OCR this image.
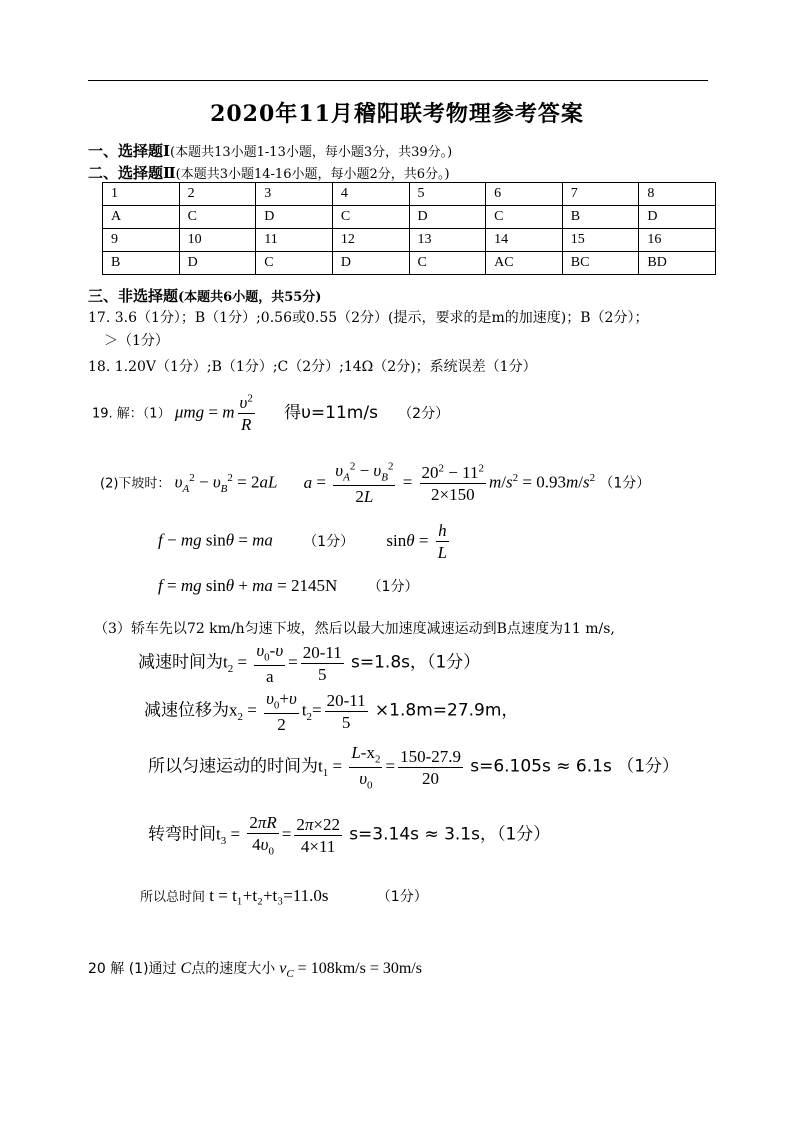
2020年11月稽阳联考物理参考答案
一、选择题Ⅰ(本题共13小题1-13小题，每小题3分，共39分。)
二、选择题Ⅱ(本题共3小题14-16小题，每小题2分，共6分。)
1	2	3	4	5	6	7	8
A	C	D	C	D	C	B	D
9	10	11	12	13	14	15	16
B	D	C	D	C	AC	BC	BD
三、非选择题(本题共6小题，共55分)
17. 3.6（1分）；B（1分）;0.56或0.55（2分）(提示，要求的是m的加速度)；B（2分）；
＞（1分）
18. 1.20V（1分）;B（1分）;C（2分）;14Ω（2分)；系统误差（1分）
19. 解：（1） μmg = m $\frac{\upsilon^2}{R}$ 得υ=11m/s （2分）
(2)下坡时： $\upsilon_A^2 - \upsilon_B^2 = 2aL$ $a = \frac{\upsilon_A^2 - \upsilon_B^2}{2L} = \frac{20^2 - 11^2}{2\times 150} m/s^2 = 0.93m/s^2$ （1分）
f − mg sinθ = ma （1分） $\sin\theta = \frac{h}{L}$
f = mg sinθ + ma = 2145N （1分）
（3）轿车先以72 km/h匀速下坡，然后以最大加速度减速运动到B点速度为11 m/s,
减速时间为$t_2 = \frac{\upsilon_0-\upsilon}{a} = \frac{20-11}{5} s=1.8s$，（1分）
减速位移为$x_2 = \frac{\upsilon_0+\upsilon}{2} t_2= \frac{20-11}{5} \times 1.8m=27.9m$，
所以匀速运动的时间为$t_1 = \frac{L-x_2}{\upsilon_0} = \frac{150-27.9}{20} s=6.105s \approx 6.1s$ （1分）
转弯时间$t_3 = \frac{2\pi R}{4\upsilon_0} = \frac{2\pi\times 22}{4\times 11} s=3.14s \approx 3.1s$，（1分）
所以总时间 t = t₁+t₂+t₃=11.0s	（1分）
20 解 (1)通过 C点的速度大小 $v_C = 108km/s = 30m/s$
